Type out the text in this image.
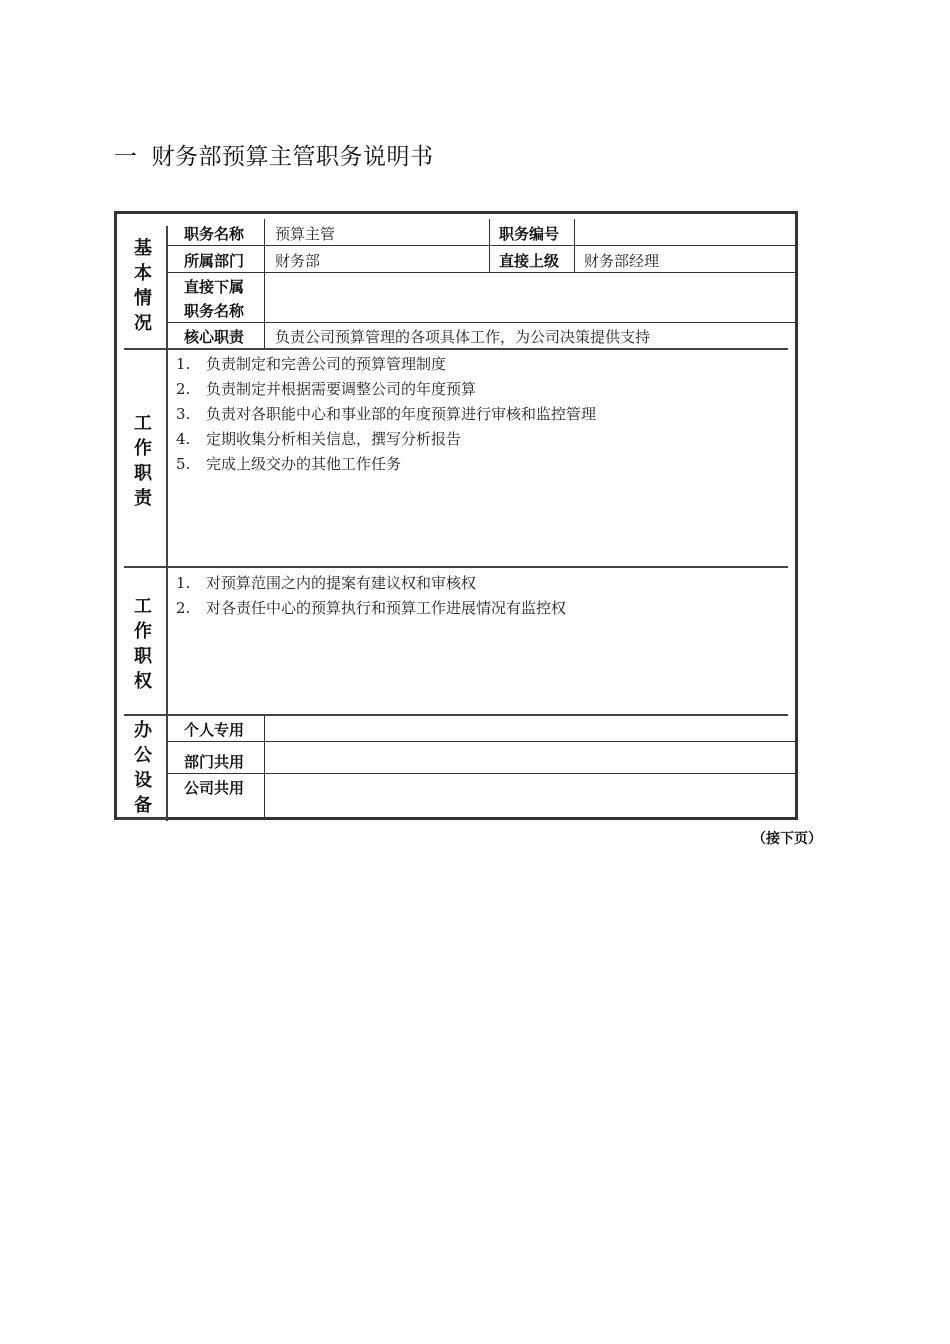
一 财务部预算主管职务说明书
基
本
情
况
职务名称 预算主管	职务编号
所属部门 财务部	直接上级 财务部经理
直接下属
职务名称
核心职责 负责公司预算管理的各项具体工作，为公司决策提供支持
工
作
职
责
1. 负责制定和完善公司的预算管理制度
2. 负责制定并根据需要调整公司的年度预算
3. 负责对各职能中心和事业部的年度预算进行审核和监控管理
4. 定期收集分析相关信息，撰写分析报告
5. 完成上级交办的其他工作任务
工
作
职
权
1. 对预算范围之内的提案有建议权和审核权
2. 对各责任中心的预算执行和预算工作进展情况有监控权
办
公
设
备
个人专用
部门共用
公司共用
（接下页）
